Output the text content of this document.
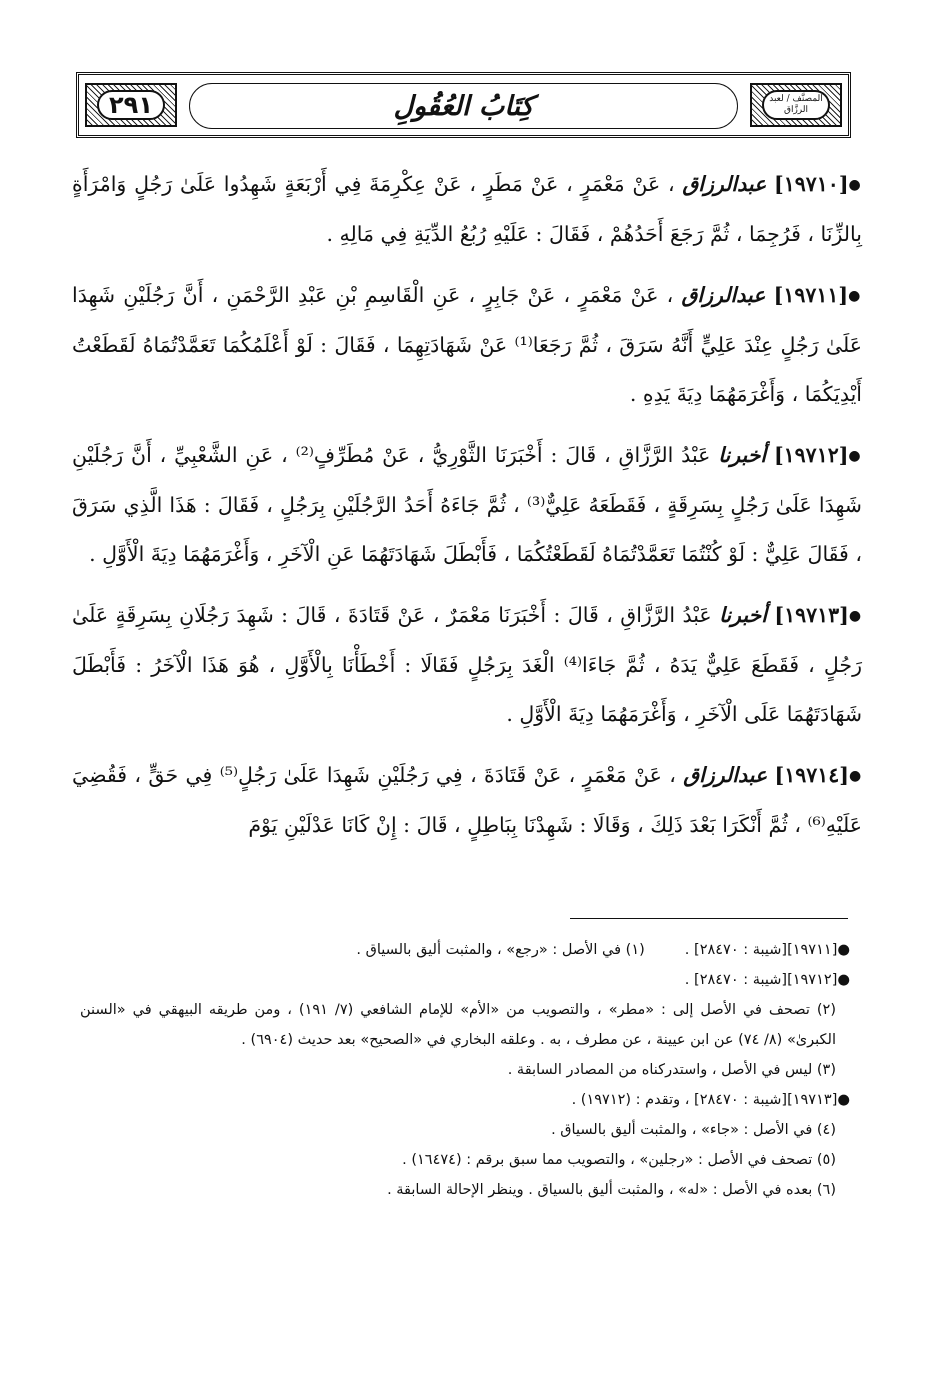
٢٩١	كِتَابُ العُقُولِ	المصنَّف / لعبد الرزَّاق

●[١٩٧١٠] عبدالرزاق ، عَنْ مَعْمَرٍ ، عَنْ مَطَرٍ ، عَنْ عِكْرِمَةَ فِي أَرْبَعَةٍ شَهِدُوا عَلَىٰ رَجُلٍ وَامْرَأَةٍ بِالزِّنَا ، فَرُجِمَا ، ثُمَّ رَجَعَ أَحَدُهُمْ ، فَقَالَ : عَلَيْهِ رُبُعُ الدِّيَةِ فِي مَالِهِ .

●[١٩٧١١] عبدالرزاق ، عَنْ مَعْمَرٍ ، عَنْ جَابِرٍ ، عَنِ الْقَاسِمِ بْنِ عَبْدِ الرَّحْمَنِ ، أَنَّ رَجُلَيْنِ شَهِدَا عَلَىٰ رَجُلٍ عِنْدَ عَلِيٍّ أَنَّهُ سَرَقَ ، ثُمَّ رَجَعَا⁽¹⁾ عَنْ شَهَادَتِهِمَا ، فَقَالَ : لَوْ أَعْلَمُكُمَا تَعَمَّدْتُمَاهُ لَقَطَعْتُ أَيْدِيَكُمَا ، وَأَغْرَمَهُمَا دِيَةَ يَدِهِ .

●[١٩٧١٢] أخبرنا عَبْدُ الرَّزَّاقِ ، قَالَ : أَخْبَرَنَا الثَّوْرِيُّ ، عَنْ مُطَرِّفٍ⁽²⁾ ، عَنِ الشَّعْبِيِّ ، أَنَّ رَجُلَيْنِ شَهِدَا عَلَىٰ رَجُلٍ بِسَرِقَةٍ ، فَقَطَعَهُ عَلِيٌّ⁽³⁾ ، ثُمَّ جَاءَهُ أَحَدُ الرَّجُلَيْنِ بِرَجُلٍ ، فَقَالَ : هَذَا الَّذِي سَرَقَ ، فَقَالَ عَلِيٌّ : لَوْ كُنْتُمَا تَعَمَّدْتُمَاهُ لَقَطَعْتُكُمَا ، فَأَبْطَلَ شَهَادَتَهُمَا عَنِ الْآخَرِ ، وَأَغْرَمَهُمَا دِيَةَ الْأَوَّلِ .

●[١٩٧١٣] أخبرنا عَبْدُ الرَّزَّاقِ ، قَالَ : أَخْبَرَنَا مَعْمَرٌ ، عَنْ قَتَادَةَ ، قَالَ : شَهِدَ رَجُلَانِ بِسَرِقَةٍ عَلَىٰ رَجُلٍ ، فَقَطَعَ عَلِيٌّ يَدَهُ ، ثُمَّ جَاءَا⁽⁴⁾ الْغَدَ بِرَجُلٍ فَقَالَا : أَخْطَأْنَا بِالْأَوَّلِ ، هُوَ هَذَا الْآخَرُ : فَأَبْطَلَ شَهَادَتَهُمَا عَلَى الْآخَرِ ، وَأَغْرَمَهُمَا دِيَةَ الْأَوَّلِ .

●[١٩٧١٤] عبدالرزاق ، عَنْ مَعْمَرٍ ، عَنْ قَتَادَةَ ، فِي رَجُلَيْنِ شَهِدَا عَلَىٰ رَجُلٍ⁽⁵⁾ فِي حَقٍّ ، فَقُضِيَ عَلَيْهِ⁽⁶⁾ ، ثُمَّ أَنْكَرَا بَعْدَ ذَلِكَ ، وَقَالَا : شَهِدْنَا بِبَاطِلٍ ، قَالَ : إِنْ كَانَا عَدْلَيْنِ يَوْمَ

●[١٩٧١١][شيبة : ٢٨٤٧٠] .

(١) في الأصل : «رجع» ، والمثبت أليق بالسياق .

●[١٩٧١٢][شيبة : ٢٨٤٧٠] .

(٢) تصحف في الأصل إلى : «مطر» ، والتصويب من «الأم» للإمام الشافعي (٧/ ١٩١) ، ومن طريقه البيهقي في «السنن الكبرىٰ» (٨/ ٧٤) عن ابن عيينة ، عن مطرف ، به . وعلقه البخاري في «الصحيح» بعد حديث (٦٩٠٤) .

(٣) ليس في الأصل ، واستدركناه من المصادر السابقة .

●[١٩٧١٣][شيبة : ٢٨٤٧٠] ، وتقدم : (١٩٧١٢) .

(٤) في الأصل : «جاء» ، والمثبت أليق بالسياق .

(٥) تصحف في الأصل : «رجلين» ، والتصويب مما سبق برقم : (١٦٤٧٤) .

(٦) بعده في الأصل : «له» ، والمثبت أليق بالسياق . وينظر الإحالة السابقة .
